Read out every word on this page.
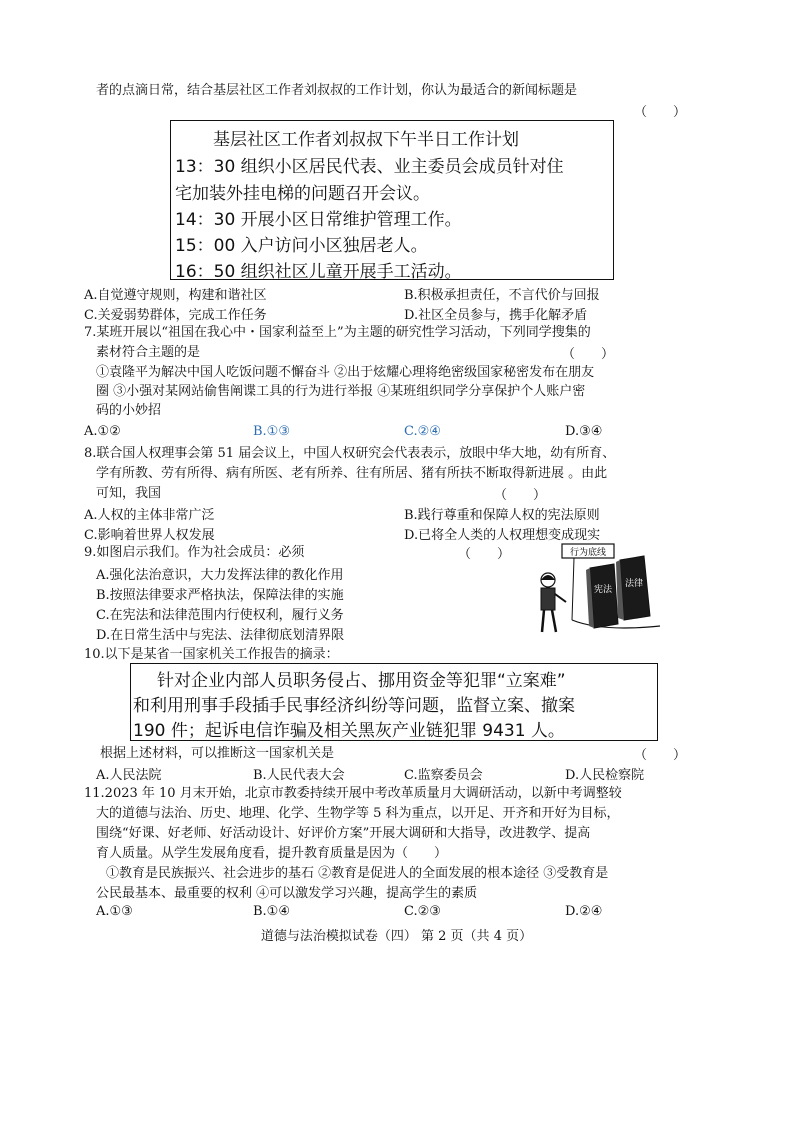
者的点滴日常，结合基层社区工作者刘叔叔的工作计划，你认为最适合的新闻标题是
（　　）
基层社区工作者刘叔叔下午半日工作计划
13：30 组织小区居民代表、业主委员会成员针对住
宅加装外挂电梯的问题召开会议。
14：30 开展小区日常维护管理工作。
15：00 入户访问小区独居老人。
16：50 组织社区儿童开展手工活动。
A.自觉遵守规则，构建和谐社区	B.积极承担责任，不言代价与回报
C.关爱弱势群体，完成工作任务	D.社区全员参与，携手化解矛盾
7.某班开展以“祖国在我心中・国家利益至上”为主题的研究性学习活动，下列同学搜集的
素材符合主题的是	（　　）
①袁隆平为解决中国人吃饭问题不懈奋斗 ②出于炫耀心理将绝密级国家秘密发布在朋友
圈 ③小强对某网站偷售阐谍工具的行为进行举报 ④某班组织同学分享保护个人账户密
码的小妙招
A.①②	B.①③	C.②④	D.③④
8.联合国人权理事会第 51 届会议上，中国人权研究会代表表示，放眼中华大地，幼有所育、
学有所教、劳有所得、病有所医、老有所养、往有所居、猪有所扶不断取得新进展 。由此
可知，我国	（　　）
A.人权的主体非常广泛	B.践行尊重和保障人权的宪法原则
C.影响着世界人权发展	D.已将全人类的人权理想变成现实
9.如图启示我们。作为社会成员：必须	（　　）
A.强化法治意识，大力发挥法律的教化作用
B.按照法律要求严格执法，保障法律的实施
C.在宪法和法律范围内行使权利，履行义务
D.在日常生活中与宪法、法律彻底划清界限
行为底线
宪法
法律
10.以下是某省一国家机关工作报告的摘录：
针对企业内部人员职务侵占、挪用资金等犯罪“立案难”
和利用刑事手段插手民事经济纠纷等问题，监督立案、撤案
190 件；起诉电信诈骗及相关黑灰产业链犯罪 9431 人。
根据上述材料，可以推断这一国家机关是	（　　）
A.人民法院	B.人民代表大会	C.监察委员会	D.人民检察院
11.2023 年 10 月末开始，北京市教委持续开展中考改革质量月大调研活动，以新中考调整较
大的道德与法治、历史、地理、化学、生物学等 5 科为重点，以开足、开齐和开好为目标，
围绕“好课、好老师、好活动设计、好评价方案”开展大调研和大指导，改进教学、提高
育人质量。从学生发展角度看，提升教育质量是因为（　　）
①教育是民族振兴、社会进步的基石 ②教育是促进人的全面发展的根本途径 ③受教育是
公民最基本、最重要的权利 ④可以激发学习兴趣，提高学生的素质
A.①③	B.①④	C.②③	D.②④
道德与法治模拟试卷（四） 第 2 页（共 4 页）
